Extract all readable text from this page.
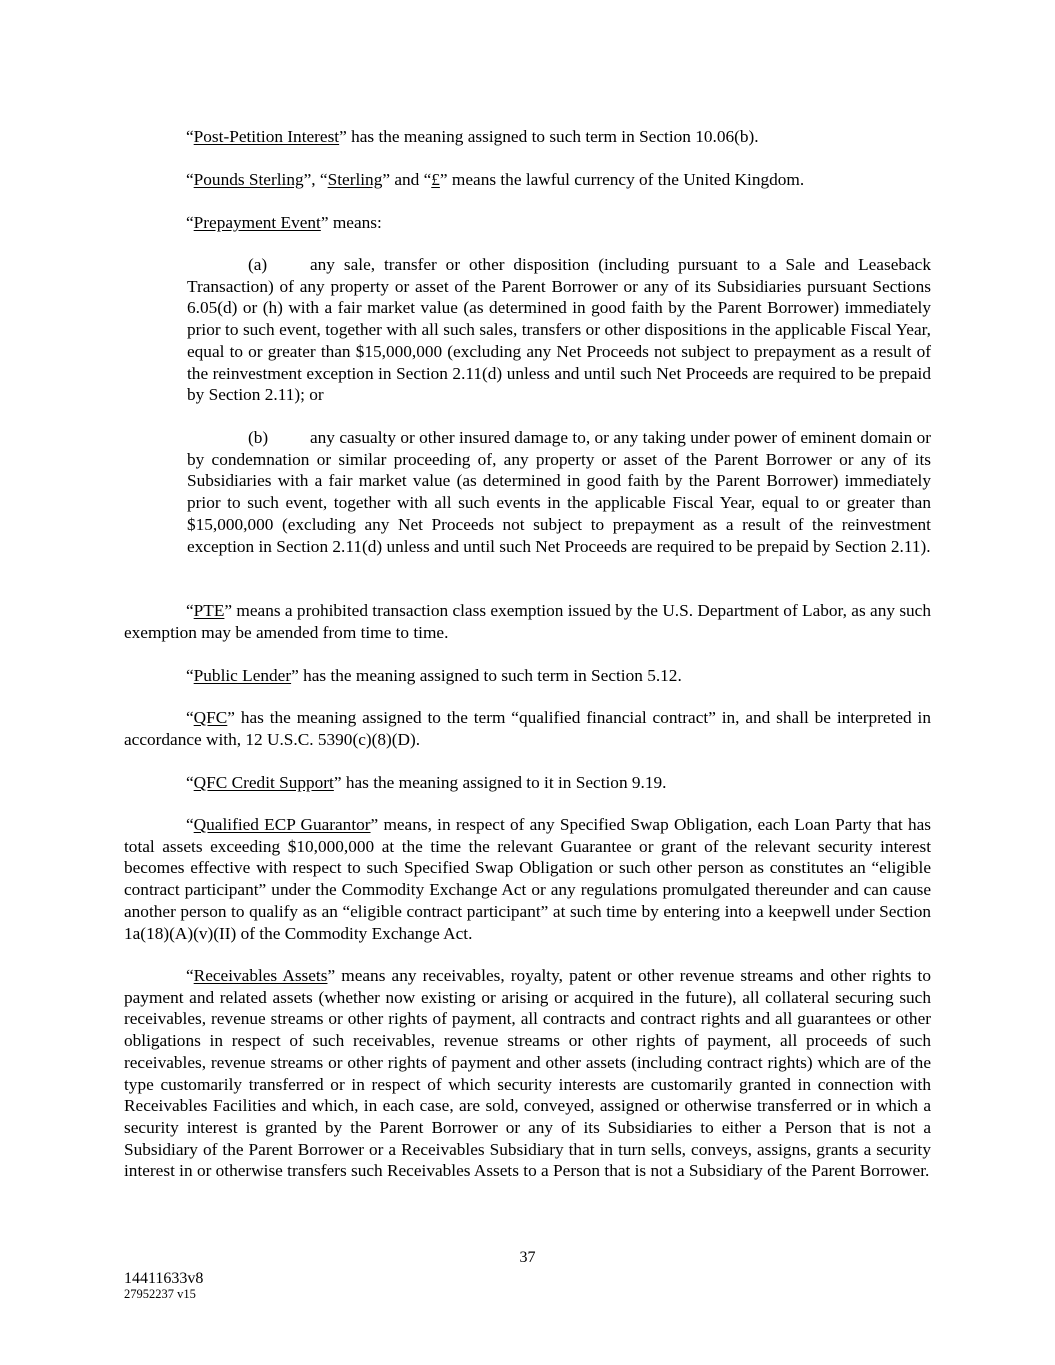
“Post-Petition Interest” has the meaning assigned to such term in Section 10.06(b).

“Pounds Sterling”, “Sterling” and “£” means the lawful currency of the United Kingdom.

“Prepayment Event” means:

(a) any sale, transfer or other disposition (including pursuant to a Sale and Leaseback Transaction) of any property or asset of the Parent Borrower or any of its Subsidiaries pursuant Sections 6.05(d) or (h) with a fair market value (as determined in good faith by the Parent Borrower) immediately prior to such event, together with all such sales, transfers or other dispositions in the applicable Fiscal Year, equal to or greater than $15,000,000 (excluding any Net Proceeds not subject to prepayment as a result of the reinvestment exception in Section 2.11(d) unless and until such Net Proceeds are required to be prepaid by Section 2.11); or

(b) any casualty or other insured damage to, or any taking under power of eminent domain or by condemnation or similar proceeding of, any property or asset of the Parent Borrower or any of its Subsidiaries with a fair market value (as determined in good faith by the Parent Borrower) immediately prior to such event, together with all such events in the applicable Fiscal Year, equal to or greater than $15,000,000 (excluding any Net Proceeds not subject to prepayment as a result of the reinvestment exception in Section 2.11(d) unless and until such Net Proceeds are required to be prepaid by Section 2.11).

“PTE” means a prohibited transaction class exemption issued by the U.S. Department of Labor, as any such exemption may be amended from time to time.

“Public Lender” has the meaning assigned to such term in Section 5.12.

“QFC” has the meaning assigned to the term “qualified financial contract” in, and shall be interpreted in accordance with, 12 U.S.C. 5390(c)(8)(D).

“QFC Credit Support” has the meaning assigned to it in Section 9.19.

“Qualified ECP Guarantor” means, in respect of any Specified Swap Obligation, each Loan Party that has total assets exceeding $10,000,000 at the time the relevant Guarantee or grant of the relevant security interest becomes effective with respect to such Specified Swap Obligation or such other person as constitutes an “eligible contract participant” under the Commodity Exchange Act or any regulations promulgated thereunder and can cause another person to qualify as an “eligible contract participant” at such time by entering into a keepwell under Section 1a(18)(A)(v)(II) of the Commodity Exchange Act.

“Receivables Assets” means any receivables, royalty, patent or other revenue streams and other rights to payment and related assets (whether now existing or arising or acquired in the future), all collateral securing such receivables, revenue streams or other rights of payment, all contracts and contract rights and all guarantees or other obligations in respect of such receivables, revenue streams or other rights of payment, all proceeds of such receivables, revenue streams or other rights of payment and other assets (including contract rights) which are of the type customarily transferred or in respect of which security interests are customarily granted in connection with Receivables Facilities and which, in each case, are sold, conveyed, assigned or otherwise transferred or in which a security interest is granted by the Parent Borrower or any of its Subsidiaries to either a Person that is not a Subsidiary of the Parent Borrower or a Receivables Subsidiary that in turn sells, conveys, assigns, grants a security interest in or otherwise transfers such Receivables Assets to a Person that is not a Subsidiary of the Parent Borrower.

37
14411633v8
27952237 v15
